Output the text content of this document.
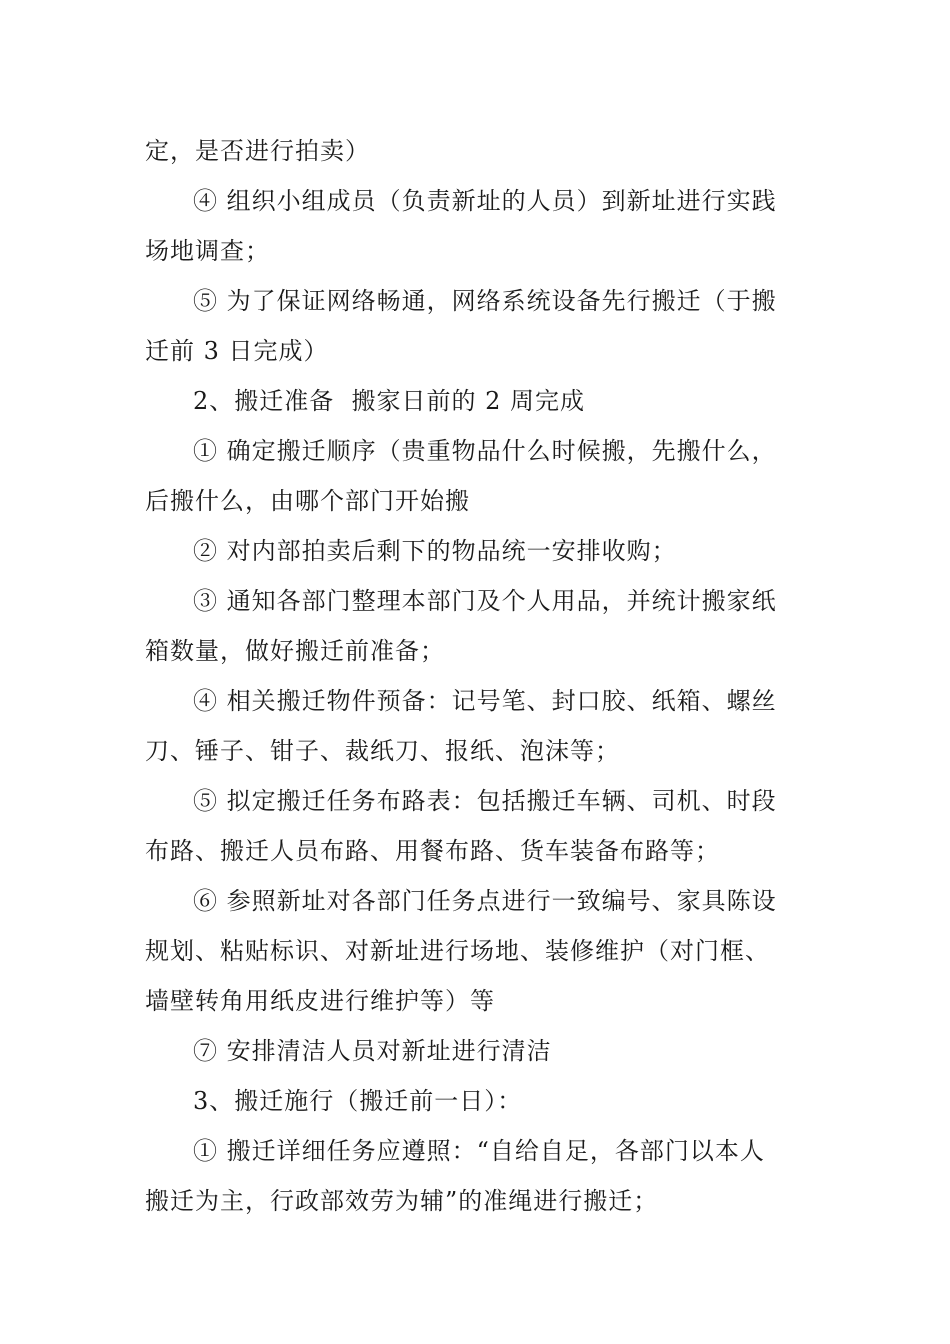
定，是否进行拍卖）
④ 组织小组成员（负责新址的人员）到新址进行实践
场地调查；
⑤ 为了保证网络畅通，网络系统设备先行搬迁（于搬
迁前 3 日完成）
2、搬迁准备  搬家日前的 2 周完成
① 确定搬迁顺序（贵重物品什么时候搬，先搬什么，
后搬什么，由哪个部门开始搬
② 对内部拍卖后剩下的物品统一安排收购；
③ 通知各部门整理本部门及个人用品，并统计搬家纸
箱数量，做好搬迁前准备；
④ 相关搬迁物件预备：记号笔、封口胶、纸箱、螺丝
刀、锤子、钳子、裁纸刀、报纸、泡沫等；
⑤ 拟定搬迁任务布路表：包括搬迁车辆、司机、时段
布路、搬迁人员布路、用餐布路、货车装备布路等；
⑥ 参照新址对各部门任务点进行一致编号、家具陈设
规划、粘贴标识、对新址进行场地、装修维护（对门框、
墙壁转角用纸皮进行维护等）等
⑦ 安排清洁人员对新址进行清洁
3、搬迁施行（搬迁前一日）：
① 搬迁详细任务应遵照：“自给自足，各部门以本人
搬迁为主，行政部效劳为辅”的准绳进行搬迁；
